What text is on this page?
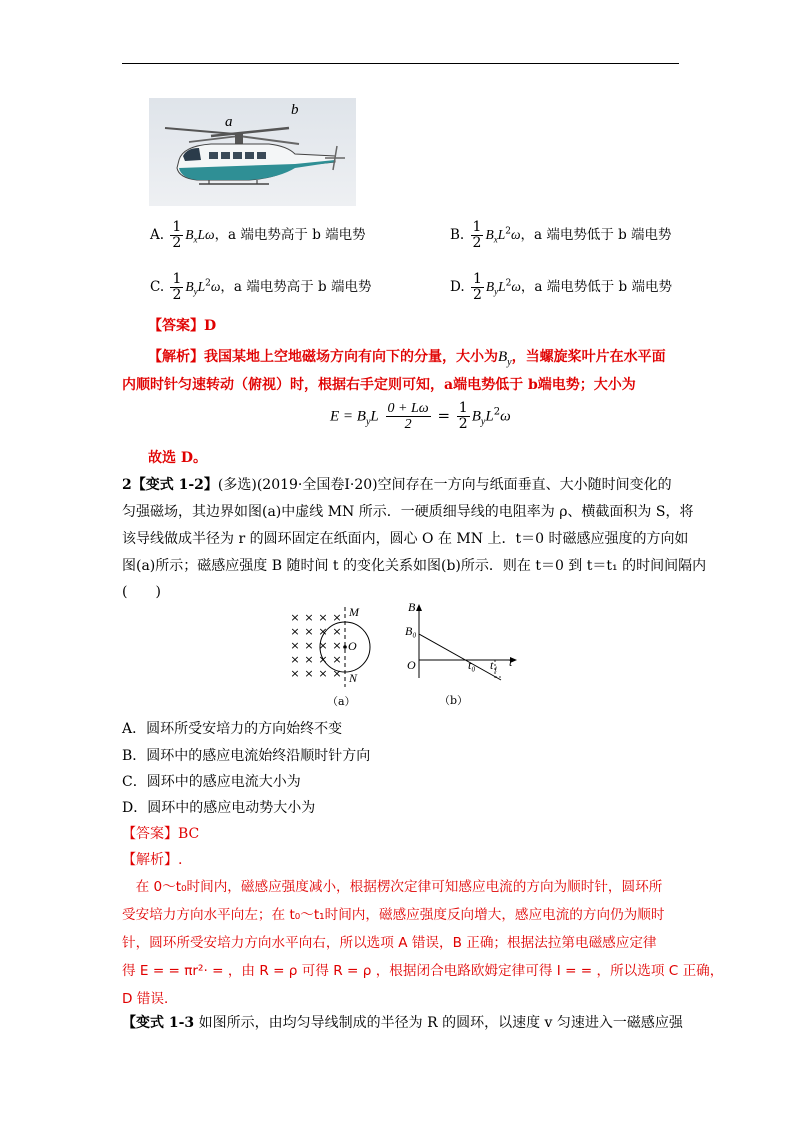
a
b
A. $\frac{1}{2} B_xL\omega$，a 端电势高于 b 端电势	B. $\frac{1}{2} B_xL^2\omega$，a 端电势低于 b 端电势
C. $\frac{1}{2} B_yL^2\omega$，a 端电势高于 b 端电势	D. $\frac{1}{2} B_yL^2\omega$，a 端电势低于 b 端电势
【答案】D
【解析】我国某地上空地磁场方向有向下的分量，大小为$B_y$，当螺旋桨叶片在水平面
内顺时针匀速转动（俯视）时，根据右手定则可知，a端电势低于 b端电势；大小为
$E = B_yL \frac{0 + L\omega}{2} = \frac{1}{2} B_yL^2\omega$
故选 D。
2【变式 1-2】(多选)(2019·全国卷Ⅰ·20)空间存在一方向与纸面垂直、大小随时间变化的
匀强磁场，其边界如图(a)中虚线 MN 所示．一硬质细导线的电阻率为 ρ、横截面积为 S，将
该导线做成半径为 r 的圆环固定在纸面内，圆心 O 在 MN 上．t＝0 时磁感应强度的方向如
图(a)所示；磁感应强度 B 随时间 t 的变化关系如图(b)所示．则在 t＝0 到 t＝t₁ 的时间间隔内
(　　)
× × × ×
× × × ×
× × × ×
× × × ×
× × × ×
M
O
N
（a）
B
B₀
O	t₀ t₁ t
（b）
A．圆环所受安培力的方向始终不变
B．圆环中的感应电流始终沿顺时针方向
C．圆环中的感应电流大小为
D．圆环中的感应电动势大小为
【答案】BC
【解析】.
　在 0～t₀时间内，磁感应强度减小，根据楞次定律可知感应电流的方向为顺时针，圆环所
受安培力方向水平向左；在 t₀～t₁时间内，磁感应强度反向增大，感应电流的方向仍为顺时
针，圆环所受安培力方向水平向右，所以选项 A 错误，B 正确；根据法拉第电磁感应定律
得 E = = πr²· = ，由 R = ρ 可得 R = ρ ，根据闭合电路欧姆定律可得 I = = ，所以选项 C 正确，
D 错误．
【变式 1-3 如图所示，由均匀导线制成的半径为 R 的圆环，以速度 v 匀速进入一磁感应强
